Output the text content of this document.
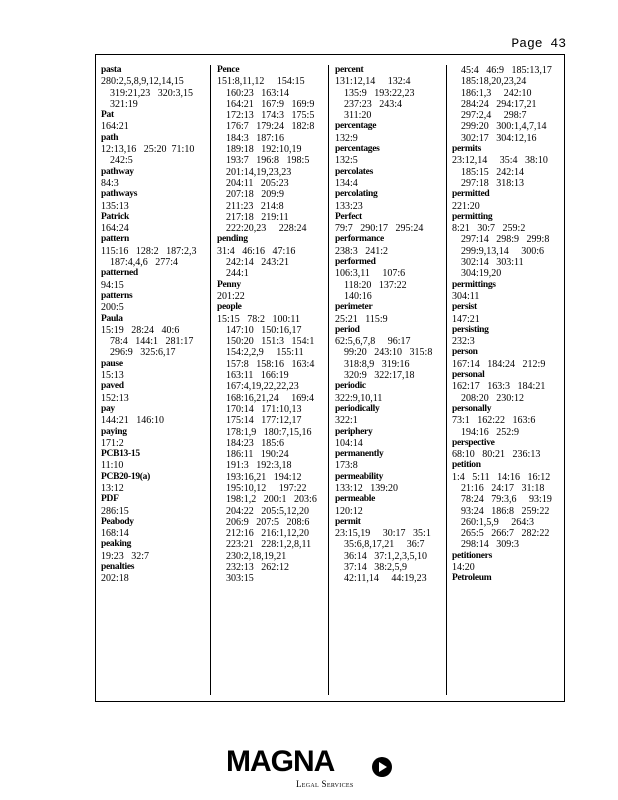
Page 43
pasta
280:2,5,8,9,12,14,15
319:21,23   320:3,15
321:19
Pat
164:21
path
12:13,16   25:20  71:10
242:5
pathway
84:3
pathways
135:13
Patrick
164:24
pattern
115:16   128:2   187:2,3
187:4,4,6   277:4
patterned
94:15
patterns
200:5
Paula
15:19   28:24   40:6
78:4   144:1   281:17
296:9   325:6,17
pause
15:13
paved
152:13
pay
144:21   146:10
paying
171:2
PCB13-15
11:10
PCB20-19(a)
13:12
PDF
286:15
Peabody
168:14
peaking
19:23   32:7
penalties
202:18
Pence
151:8,11,12     154:15
160:23   163:14
164:21   167:9   169:9
172:13   174:3   175:5
176:7   179:24   182:8
184:3   187:16
189:18   192:10,19
193:7   196:8   198:5
201:14,19,23,23
204:11   205:23
207:18   209:9
211:23   214:8
217:18   219:11
222:20,23     228:24
pending
31:4   46:16   47:16
242:14   243:21
244:1
Penny
201:22
people
15:15   78:2   100:11
147:10   150:16,17
150:20   151:3   154:1
154:2,2,9     155:11
157:8   158:16   163:4
163:11   166:19
167:4,19,22,22,23
168:16,21,24     169:4
170:14   171:10,13
175:14   177:12,17
178:1,9   180:7,15,16
184:23   185:6
186:11   190:24
191:3   192:3,18
193:16,21   194:12
195:10,12     197:22
198:1,2   200:1   203:6
204:22   205:5,12,20
206:9   207:5   208:6
212:16   216:1,12,20
223:21   228:1,2,8,11
230:2,18,19,21
232:13   262:12
303:15
percent
131:12,14     132:4
135:9   193:22,23
237:23   243:4
311:20
percentage
132:9
percentages
132:5
percolates
134:4
percolating
133:23
Perfect
79:7   290:17   295:24
performance
238:3   241:2
performed
106:3,11     107:6
118:20   137:22
140:16
perimeter
25:21   115:9
period
62:5,6,7,8     96:17
99:20   243:10   315:8
318:8,9   319:16
320:9   322:17,18
periodic
322:9,10,11
periodically
322:1
periphery
104:14
permanently
173:8
permeability
133:12   139:20
permeable
120:12
permit
23:15,19     30:17   35:1
35:6,8,17,21     36:7
36:14   37:1,2,3,5,10
37:14   38:2,5,9
42:11,14     44:19,23
45:4   46:9   185:13,17
185:18,20,23,24
186:1,3     242:10
284:24   294:17,21
297:2,4     298:7
299:20   300:1,4,7,14
302:17   304:12,16
permits
23:12,14     35:4   38:10
185:15   242:14
297:18   318:13
permitted
221:20
permitting
8:21   30:7   259:2
297:14   298:9   299:8
299:9,13,14     300:6
302:14   303:11
304:19,20
permittings
304:11
persist
147:21
persisting
232:3
person
167:14   184:24   212:9
personal
162:17   163:3   184:21
208:20   230:12
personally
73:1   162:22   163:6
194:16   252:9
perspective
68:10   80:21   236:13
petition
1:4   5:11   14:16   16:12
21:16   24:17   31:18
78:24   79:3,6     93:19
93:24   186:8   259:22
260:1,5,9     264:3
265:5   266:7   282:22
298:14   309:3
petitioners
14:20
Petroleum
MAGNA
Legal Services
